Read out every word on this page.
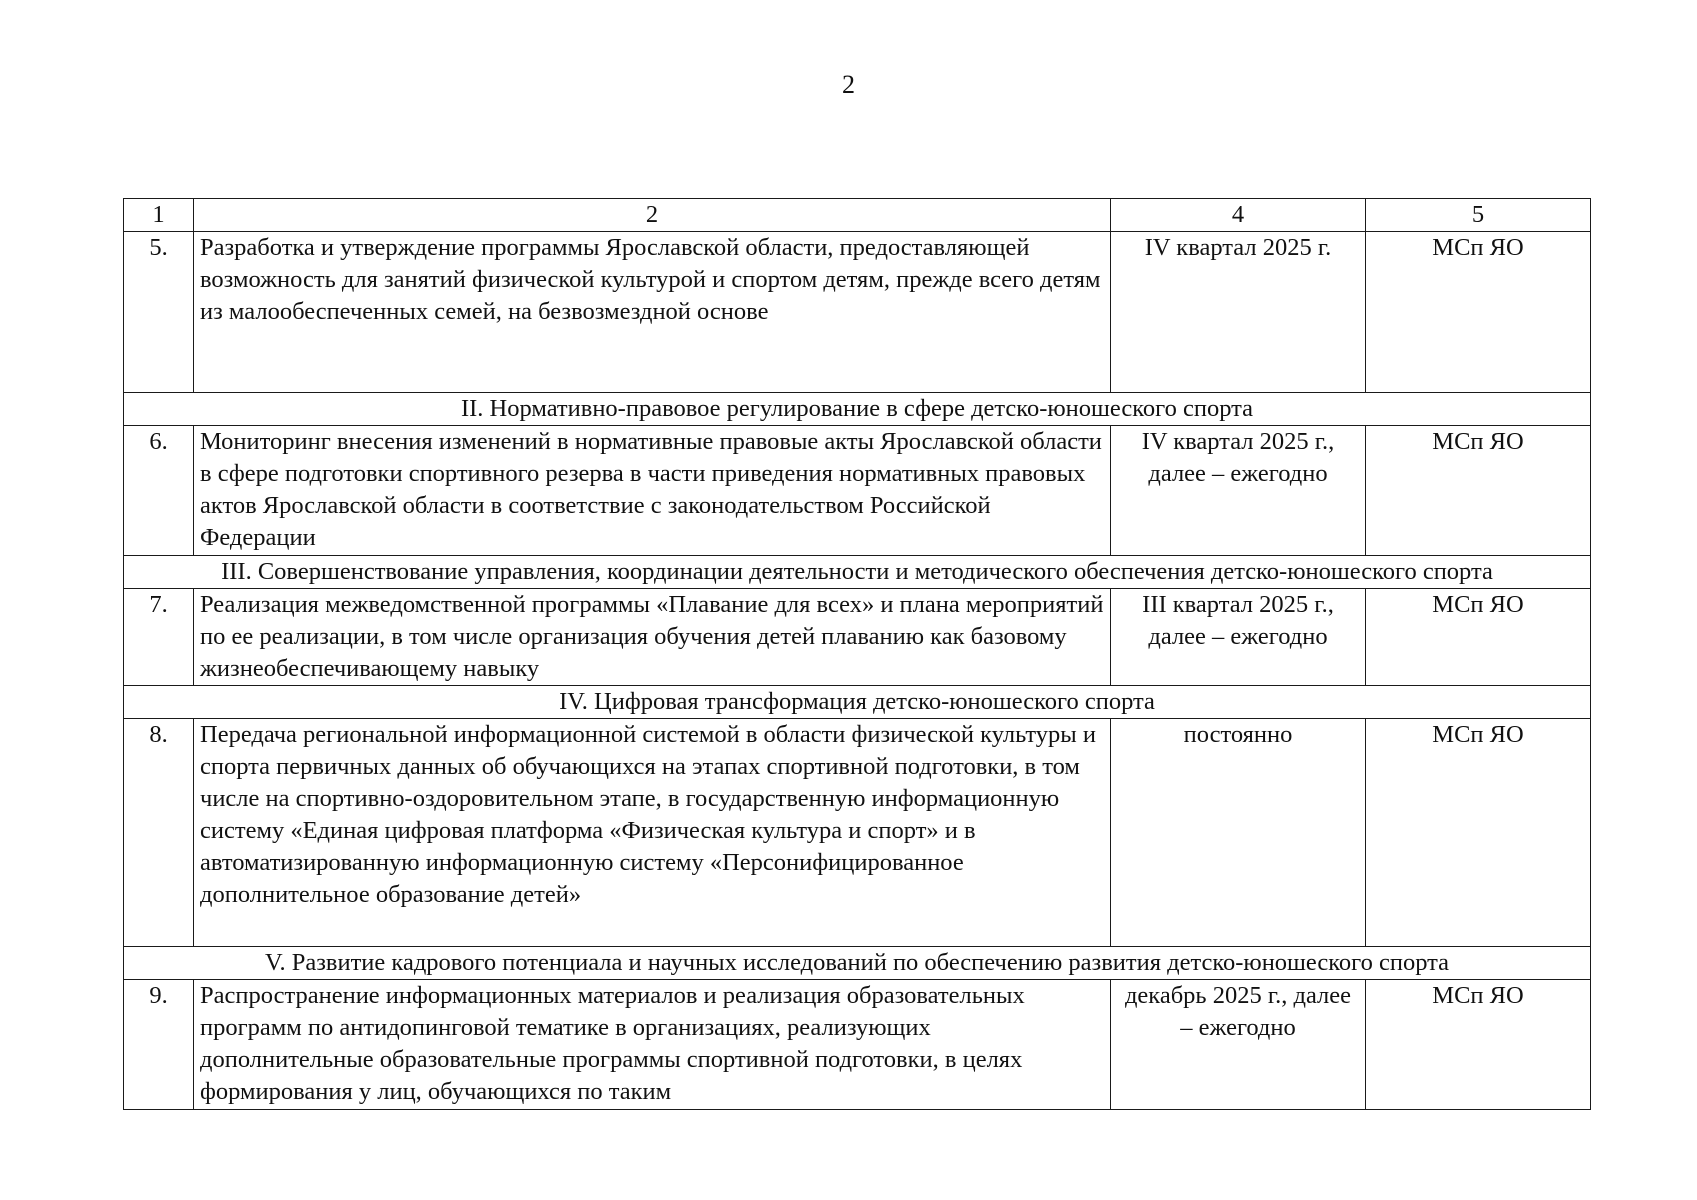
2
1	2	4	5
5.	Разработка и утверждение программы Ярославской области, предоставляющей возможность для занятий физической культурой и спортом детям, прежде всего детям из малообеспеченных семей, на безвозмездной основе	IV квартал 2025 г.	МСп ЯО
II. Нормативно-правовое регулирование в сфере детско-юношеского спорта			
6.	Мониторинг внесения изменений в нормативные правовые акты Ярославской области в сфере подготовки спортивного резерва в части приведения нормативных правовых актов Ярославской области в соответствие с законодательством Российской Федерации	IV квартал 2025 г., далее – ежегодно	МСп ЯО
III. Совершенствование управления, координации деятельности и методического обеспечения детско-юношеского спорта			
7.	Реализация межведомственной программы «Плавание для всех» и плана мероприятий по ее реализации, в том числе организация обучения детей плаванию как базовому жизнеобеспечивающему навыку	III квартал 2025 г., далее – ежегодно	МСп ЯО
IV. Цифровая трансформация детско-юношеского спорта			
8.	Передача региональной информационной системой в области физической культуры и спорта первичных данных об обучающихся на этапах спортивной подготовки, в том числе на спортивно-оздоровительном этапе, в государственную информационную систему «Единая цифровая платформа «Физическая культура и спорт» и в автоматизированную информационную систему «Персонифицированное дополнительное образование детей»	постоянно	МСп ЯО
V. Развитие кадрового потенциала и научных исследований по обеспечению развития детско-юношеского спорта			
9.	Распространение информационных материалов и реализация образовательных программ по антидопинговой тематике в организациях, реализующих дополнительные образовательные программы спортивной подготовки, в целях формирования у лиц, обучающихся по таким	декабрь 2025 г., далее – ежегодно	МСп ЯО
